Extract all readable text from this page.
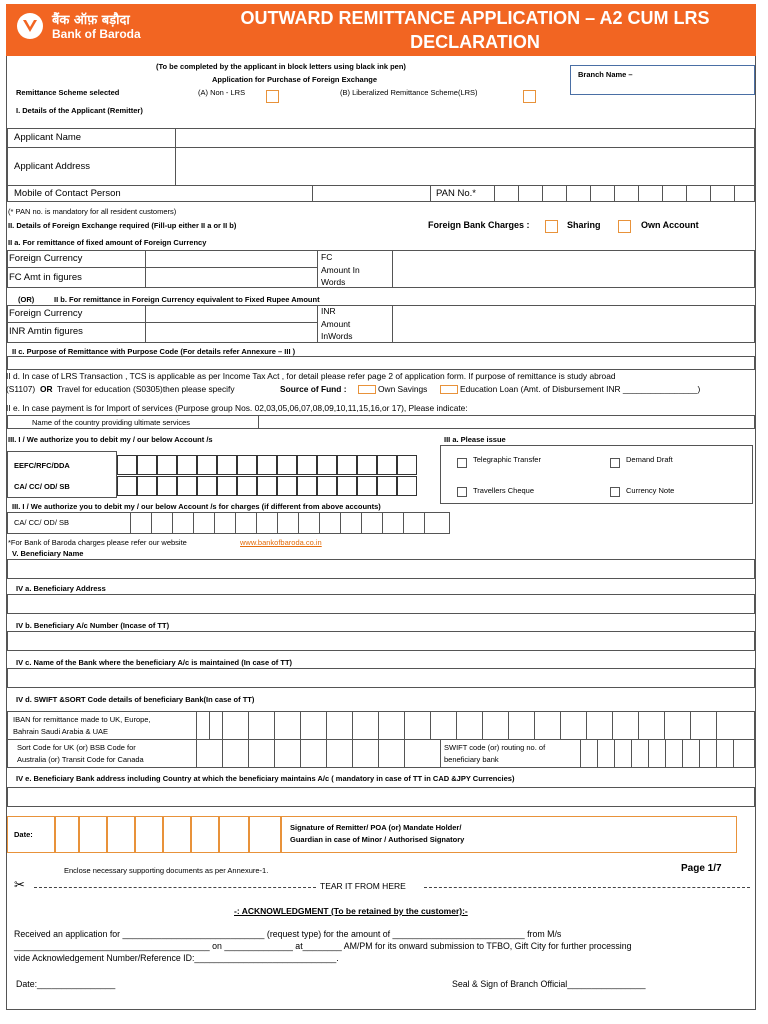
बैंक ऑफ़ बड़ौदा
Bank of Baroda
OUTWARD REMITTANCE APPLICATION – A2 CUM LRS DECLARATION
(To be completed by the applicant in block letters using black ink pen)
Application for Purchase of Foreign Exchange
Remittance Scheme selected	(A) Non - LRS	(B) Liberalized Remittance Scheme(LRS)
Branch Name –
I. Details of the Applicant (Remitter)
Applicant Name
Applicant Address
Mobile of Contact Person	PAN No.*
(* PAN no. is mandatory for all resident customers)
II. Details of Foreign Exchange required (Fill-up either II a or II b)	Foreign Bank Charges :	Sharing	Own Account
II a. For remittance of fixed amount of Foreign Currency
Foreign Currency
FC Amt in figures
FC
Amount In
Words
(OR)	II b. For remittance in Foreign Currency equivalent to Fixed Rupee Amount
Foreign Currency
INR Amtin figures
INR
Amount
InWords
II c. Purpose of Remittance with Purpose Code (For details refer Annexure – III )
II d. In case of LRS Transaction , TCS is applicable as per Income Tax Act , for detail please refer page 2 of application form. If purpose of remittance is study abroad
(S1107) OR Travel for education (S0305)then please specify	Source of Fund :	Own Savings	Education Loan (Amt. of Disbursement INR ________________)
II e. In case payment is for Import of services (Purpose group Nos. 02,03,05,06,07,08,09,10,11,15,16,or 17), Please indicate:
Name of the country providing ultimate services
III. I / We authorize you to debit my / our below Account /s	III a. Please issue
EEFC/RFC/DDA
CA/ CC/ OD/ SB
Telegraphic Transfer	Demand Draft
Travellers Cheque	Currency Note
III. I / We authorize you to debit my / our below Account /s for charges (if different from above accounts)
CA/ CC/ OD/ SB
*For Bank of Baroda charges please refer our website	www.bankofbaroda.co.in
V. Beneficiary Name
IV a. Beneficiary Address
IV b. Beneficiary A/c Number (Incase of TT)
IV c. Name of the Bank where the beneficiary A/c is maintained (In case of TT)
IV d. SWIFT &SORT Code details of beneficiary Bank(In case of TT)
IBAN for remittance made to UK, Europe,
Bahrain Saudi Arabia & UAE
Sort Code for UK (or) BSB Code for
Australia (or) Transit Code for Canada
SWIFT code (or) routing no. of
beneficiary bank
IV e. Beneficiary Bank address including Country at which the beneficiary maintains A/c ( mandatory in case of TT in CAD &JPY Currencies)
Date:
Signature of Remitter/ POA (or) Mandate Holder/
Guardian in case of Minor / Authorised Signatory
Enclose necessary supporting documents as per Annexure-1.	Page 1/7
✂	TEAR IT FROM HERE
-: ACKNOWLEDGMENT (To be retained by the customer):-
Received an application for _____________________________ (request type) for the amount of ___________________________ from M/s
________________________________________ on ______________ at________ AM/PM for its onward submission to TFBO, Gift City for further processing
vide Acknowledgement Number/Reference ID:_____________________________.
Date:________________	Seal & Sign of Branch Official________________
